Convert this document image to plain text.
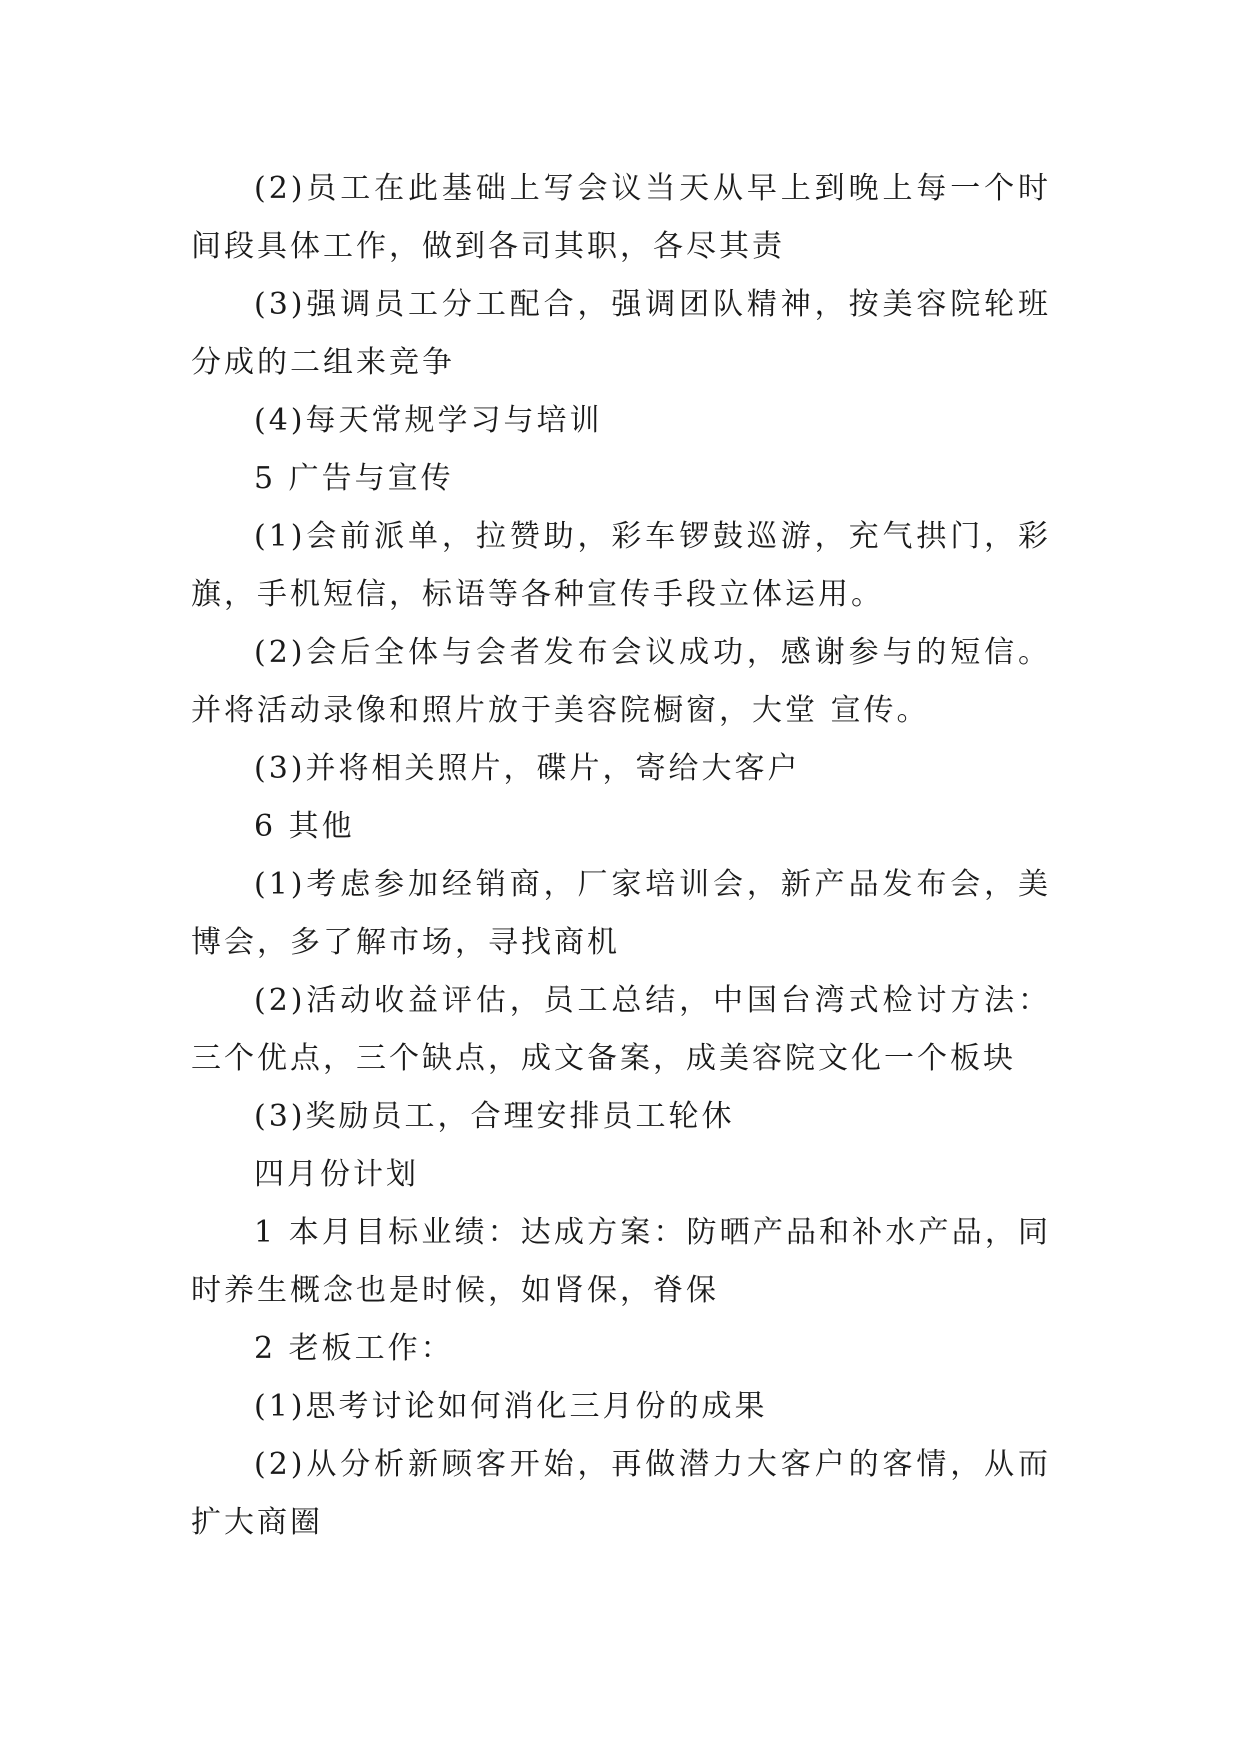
(2)员工在此基础上写会议当天从早上到晚上每一个时间段具体工作，做到各司其职，各尽其责

(3)强调员工分工配合，强调团队精神，按美容院轮班分成的二组来竞争

(4)每天常规学习与培训

5 广告与宣传

(1)会前派单，拉赞助，彩车锣鼓巡游，充气拱门，彩旗，手机短信，标语等各种宣传手段立体运用。

(2)会后全体与会者发布会议成功，感谢参与的短信。并将活动录像和照片放于美容院橱窗，大堂 宣传。

(3)并将相关照片，碟片，寄给大客户

6 其他

(1)考虑参加经销商，厂家培训会，新产品发布会，美博会，多了解市场，寻找商机

(2)活动收益评估，员工总结，中国台湾式检讨方法：三个优点，三个缺点，成文备案，成美容院文化一个板块

(3)奖励员工，合理安排员工轮休

四月份计划

1 本月目标业绩：达成方案：防晒产品和补水产品，同时养生概念也是时候，如肾保，脊保

2 老板工作：

(1)思考讨论如何消化三月份的成果

(2)从分析新顾客开始，再做潜力大客户的客情，从而扩大商圈
